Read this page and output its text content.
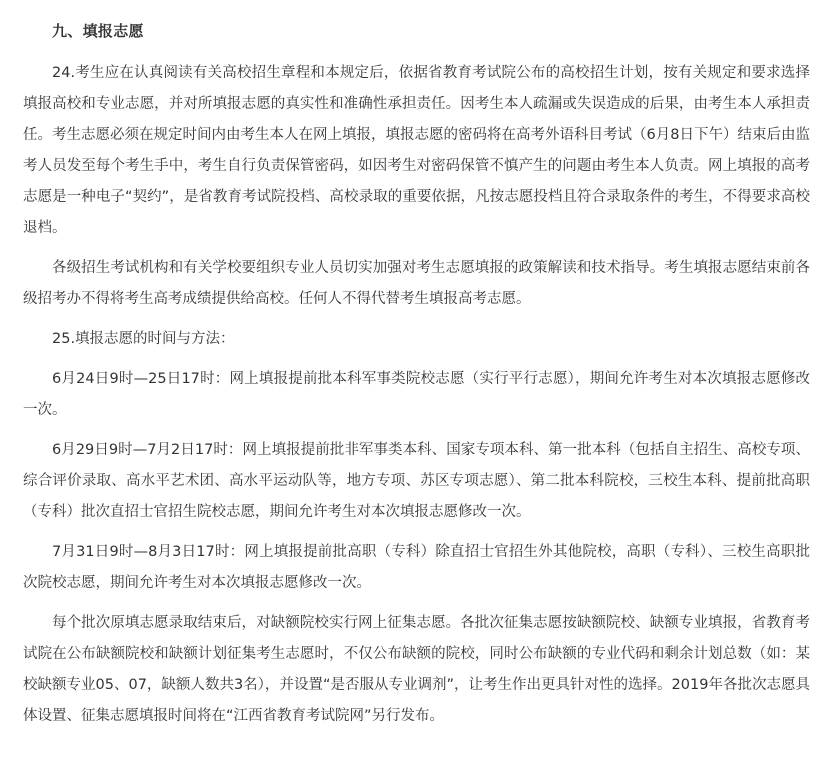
九、填报志愿

24.考生应在认真阅读有关高校招生章程和本规定后，依据省教育考试院公布的高校招生计划，按有关规定和要求选择填报高校和专业志愿，并对所填报志愿的真实性和准确性承担责任。因考生本人疏漏或失误造成的后果，由考生本人承担责任。考生志愿必须在规定时间内由考生本人在网上填报，填报志愿的密码将在高考外语科目考试（6月8日下午）结束后由监考人员发至每个考生手中，考生自行负责保管密码，如因考生对密码保管不慎产生的问题由考生本人负责。网上填报的高考志愿是一种电子“契约”，是省教育考试院投档、高校录取的重要依据，凡按志愿投档且符合录取条件的考生，不得要求高校退档。

各级招生考试机构和有关学校要组织专业人员切实加强对考生志愿填报的政策解读和技术指导。考生填报志愿结束前各级招考办不得将考生高考成绩提供给高校。任何人不得代替考生填报高考志愿。

25.填报志愿的时间与方法：

6月24日9时—25日17时：网上填报提前批本科军事类院校志愿（实行平行志愿），期间允许考生对本次填报志愿修改一次。

6月29日9时—7月2日17时：网上填报提前批非军事类本科、国家专项本科、第一批本科（包括自主招生、高校专项、综合评价录取、高水平艺术团、高水平运动队等，地方专项、苏区专项志愿）、第二批本科院校，三校生本科、提前批高职（专科）批次直招士官招生院校志愿，期间允许考生对本次填报志愿修改一次。

7月31日9时—8月3日17时：网上填报提前批高职（专科）除直招士官招生外其他院校，高职（专科）、三校生高职批次院校志愿，期间允许考生对本次填报志愿修改一次。

每个批次原填志愿录取结束后，对缺额院校实行网上征集志愿。各批次征集志愿按缺额院校、缺额专业填报，省教育考试院在公布缺额院校和缺额计划征集考生志愿时，不仅公布缺额的院校，同时公布缺额的专业代码和剩余计划总数（如：某校缺额专业05、07，缺额人数共3名），并设置“是否服从专业调剂”，让考生作出更具针对性的选择。2019年各批次志愿具体设置、征集志愿填报时间将在“江西省教育考试院网”另行发布。
